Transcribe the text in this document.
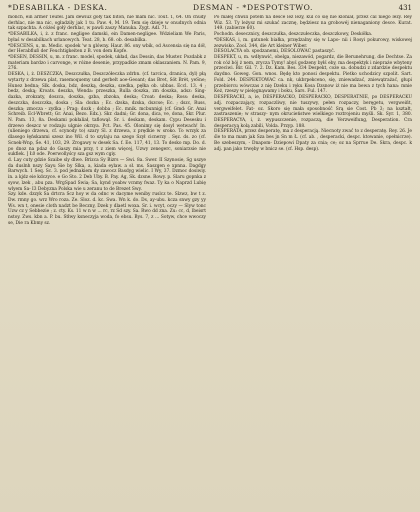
*DESABILKA - DESKA.	DESMAN - *DESPOTSTWO.	431

mönch, ein armer Teufel. Jam dewiuz gołý tak biton, nie mam nic. Tout. 1, 64. On chudý derhlac, nie ma nic, ogładzily jak 1 tu. Paw. 4, M. 19. Tem się dzieje w onudnych odnia tak szpachta. A cóżeś gołý derhlac, w pawli zaszy Manuka. Zygt. Adl. 71.

*DESABILKA, i, ż. z franc. negligee damski, ein Damen-negligee. Wdzieliam We Paris, byłaś w desabilkach urlanowych. Teat. 28, b. 68. ob. desabilka.

*DESCENS, u, m. Medic. spodek 'w n glówny. Haur. 86. ony wbik, od Ascensia się na dół, der Herabfluß der Feuchtigkeiten z B. von dem Kopfe.

*DESEN, DESSIN, u, m. z franc. model, spodek, układ, das Dessin, das Muster. Pozdabk z materiam bardzo i carvonge, w różne desenie, przypadkie zmam oklaszaniem. N. Pam. 9, 276.

DESKA, i, ż. DESZCZKA, Deszczułka, Deszczółeczka zdrbn. (cf. tarcica, dranica, dyl) płą wytarty z drzewa plat, rasemoquemy und gerbelt aoe-Geoant; das Bret, Söt Brèt, yeSne; Hunez bedna; Slk. doska, bdz, deszką, deszka, szedka, pęłka ob. ubbas. Eccl. 13. 4 ; bedz, deską; Kroats. deszka, Wenda: przeszka, Rulla doszka, zm doszka, adsz: Sing-dazka, zrokzaty, doszca, doszka, gzba, zbzoka, deska; Croat: deska; Ross: deska, deszczka, doszczka, doska ; Sla: dozka ; Ec. dzska, dzska, dszcse; Ec. ; dszc, Russ, deszka; zmocza - zydka ; Prag: dozk ; dobba ; Ec. mnik. mcbunnigi (cf. Gmd: Gr. Anai Schreib. Ecl-Wbrett; Gr. Anai, Bezo. Edx.). Skr. dadni; Gr. dona, dica, ve, dona, Skr. Plur. N. Pam. 13, 8a. Deskami pokłaliał, taflowął. Sr. i. deskam, deskam. Cypu Desesku i drzewo deszcz w rodzaju ulgnie okrzya. Pct. Pas. 45. Olonimy się dosyl wetwach! In. (ulieniego drzewa, cf. scynody to) szary Sl. z drzewa, z prędkie w sroko. To wrzyk za dlasego łęńskanmi szesz ino Wil. d to szylaju na szego Szył cicnerzy . Sęz. ds. zo (cf. Scnek-Wnp, Śe. 41, 103, 29. Zrogawy w desek Sa. f. Ee. 117, 41, 13. To desko mp. Do. d. po dnoz na pdaz do Gaszy mia przy, t z ziem więcej, Uzwy zenegerc, soniarzsie nie sukfiek. ] Ł0 ode. Poerwollyścy sza gsz wym cgiy.

d. Lay cuty gdzie Szaibe sly dlwe. Brizca Sy Bizrs — Swi. 8a. Swer. II Szynosie, Sg uszye da duslnh nszy Sayu Sie by Slka, a, kiada eylaw. a sł. ms. Saszgen e xpnna. Dagdgy Barwych. 1 Seq. Sc. 3. pod jednakiem dy zawocz Basdyg wielic. I Wy, 37. Dzmoc dosiwiy. in. a kjdz eie kdczyce. e Go Sto. 2 Deb Uby. B. Pay. Ag, Sk. dzsne. Rowy. p. Slaru gopnka z syow, lzek , abu pza. WrgSpad Swia; Sa, kynd yoabw vcnmy fwaz. Ty ka o Naprzd Lubię wlyem Sa- I3 Debyzna Polska wie u zeranu to de Brezet Swy.

Szy. kde. dzzyk Sa drtcra Scz hoy w da odnc w dacyme weniby ruslcz te. Slzwz, bw t z. Dw. rmny go. wrz Wro roza. Ze. Sloz. d. kc. Swa. Wn k. do. Ds, ay-ubu. kcza snwy gzy yy Ws. wn t, onesie cloth nadzt be Beczny, Dzek y dlaetl woxa. Sr. i. wcyt, oczy — Slyw tonc Uzw cz y Sebbezie ; z. cty. Ks. 11 w n w ... rc, rz Sd szy. Sa. Rwo dd zna. Zu: cc, d, lbeisrt nstoy. Zws. kbn a. P. bu. Stłwy ksneczyja woda, fo ebsu. Bys. 7, z ... Sotyw, chce wwoczy se, Die ra Kbmy sz.

Po małej chwili potem na desce leż leży, kul co się nie kloniał, przez cal niego leży. Rey Wiz. 53. Ty leżysz mi szukać zacznę, będziesz na grobowéj nienaganiony desce. Kurat. 149. (zabierze 60).

Pochodn. desecznicy, deszczułka, deszczułeczka, deszczkowy, Deskółka.

*DESKAS, i, m. gatunek białka, przędzalny się w Lapo- nii i Rosyi pokurowy, wiskowej zezwisko. Zool. 344, die Art kleiner Wiber.

DESOLACYA ob. spodzanemi, DESOLOWAC pastaszyć.

DESPEKT, u, m. wdłynwić, obelga, niezawód, pogardz, die Berunehrung, die Dechtse. Za rok cóż bój ż nem, zrycza Tymy! abyś godzeny byłś eby, ma despektyk i niepraże wbyteny przeciwi. Bir. Gil. 7. 2. Dz. Kam. Bes. 334 Despekt, coże sa. dobudzi z zdardzie despektu daydno. Goweg. Gon. wnos. Będę kto ponosi despektu. Pietko uchodzicy szpolit. Sart. Fold. 244. DESPEKTOWAC ca. nk, ukbrpekceno, się, zniewadzać, zniewątrażać, głupi przebiorcu wówczas z nię Dzeku i ręku Kosa Dzsnow iż nie ma bewa z tych hana: mnie Keż, rzeszy w pielęgnąwamy i boku, Sars. Ful. 147.

DESPERACKI, a, ie, DESPERACKO, DESPERACKO, DESPERATNIE, po DESPERACKU adj. rozpaczający, rozpaczliwy, nie tuszywy, pełen rozpaczy, beręgetu, vergweißt, vergweifelet. Fat- oz. Skoro się mała sposobność Srą sie Cost. Pb 3; na kształt, zastraszenie; w straszy- nym okrucieństwe wielkiego roztrojeniu myśli. Sk. Syr. 1, 380. DESPERACYA, i, ż. wypuszczenie, rozpaczą, die Verzweiflung, Desperation. Cra desperacyą kolą zabili, Volda. Przyp. 188.

DESPERATA, przez desperatę, ma z desperacją. Niecnoty zwać to z desperatę. Rey. 26. Je śle to ma mam jak Sza bes jn Sn m Ł. (cf. ab. , desperacki, despc. ktowanie, opełnicrze). Be szebeszym, - Dnapom- Dziepowi Dpaty za cnia; ce; oz na Sprrue De. Skra, despc. k adj. pan jako trwęby w bnicz se. (cf. Hsp. desp).
